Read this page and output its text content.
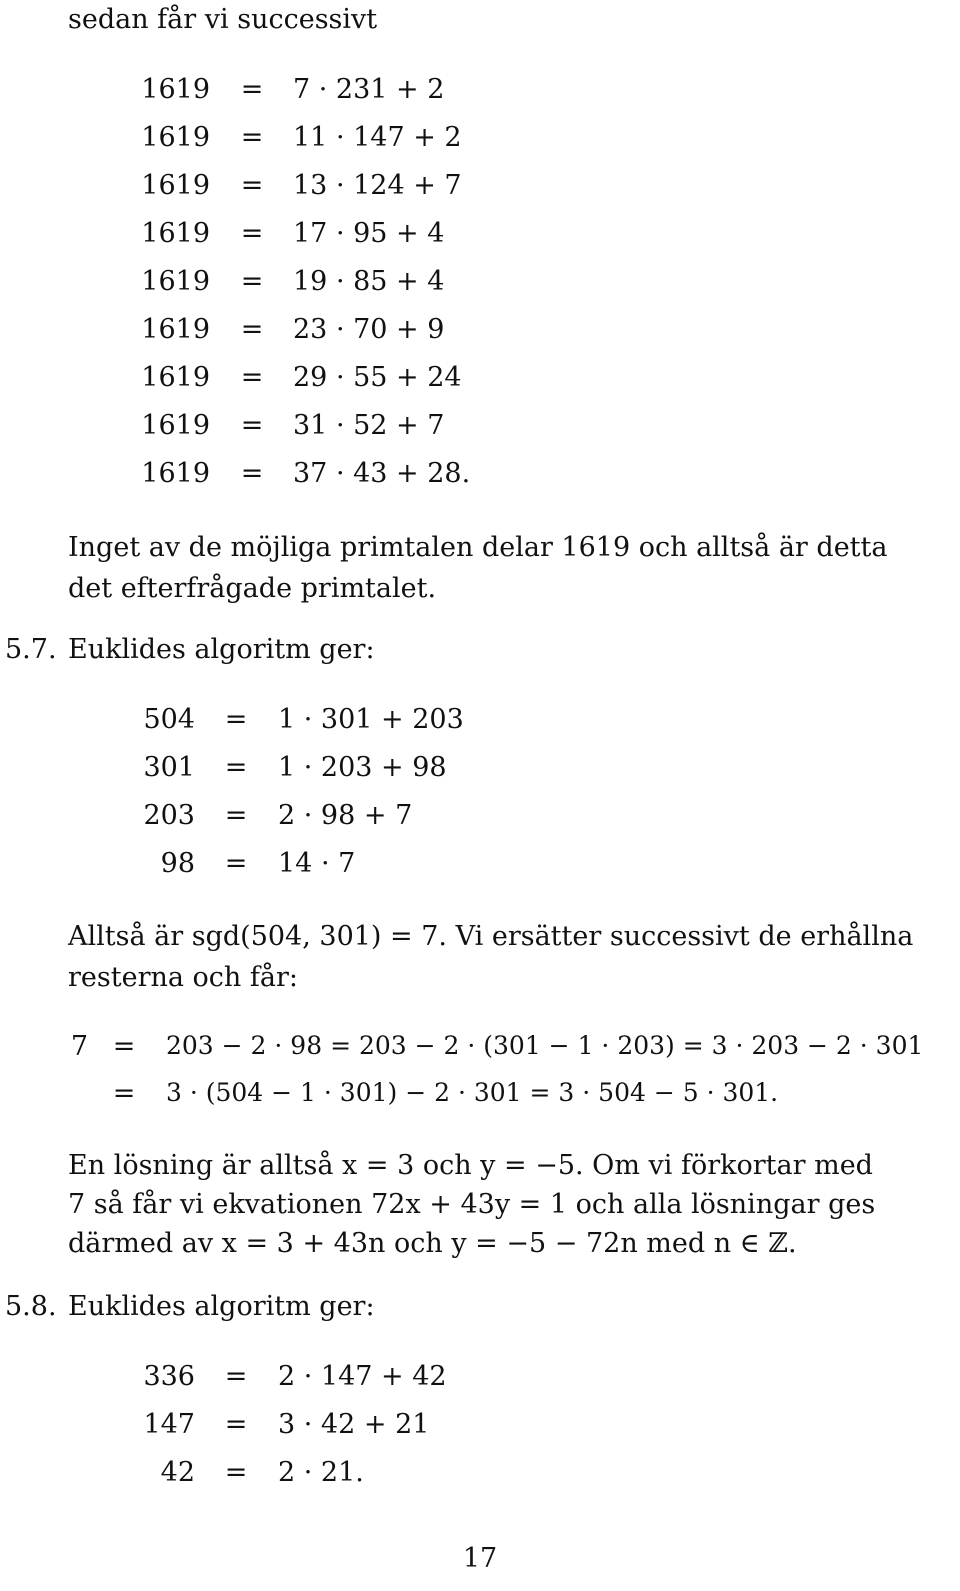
sedan får vi successivt
1619	=	7 · 231 + 2
1619	=	11 · 147 + 2
1619	=	13 · 124 + 7
1619	=	17 · 95 + 4
1619	=	19 · 85 + 4
1619	=	23 · 70 + 9
1619	=	29 · 55 + 24
1619	=	31 · 52 + 7
1619	=	37 · 43 + 28.
Inget av de möjliga primtalen delar 1619 och alltså är detta
det efterfrågade primtalet.
5.7. Euklides algoritm ger:
504	=	1 · 301 + 203
301	=	1 · 203 + 98
203	=	2 · 98 + 7
98	=	14 · 7
Alltså är sgd(504, 301) = 7. Vi ersätter successivt de erhållna
resterna och får:
7 =	203 − 2 · 98 = 203 − 2 · (301 − 1 · 203) = 3 · 203 − 2 · 301
=	3 · (504 − 1 · 301) − 2 · 301 = 3 · 504 − 5 · 301.
En lösning är alltså x = 3 och y = −5. Om vi förkortar med
7 så får vi ekvationen 72x + 43y = 1 och alla lösningar ges
därmed av x = 3 + 43n och y = −5 − 72n med n ∈ ℤ.
5.8. Euklides algoritm ger:
336	=	2 · 147 + 42
147	=	3 · 42 + 21
42	=	2 · 21.
17
